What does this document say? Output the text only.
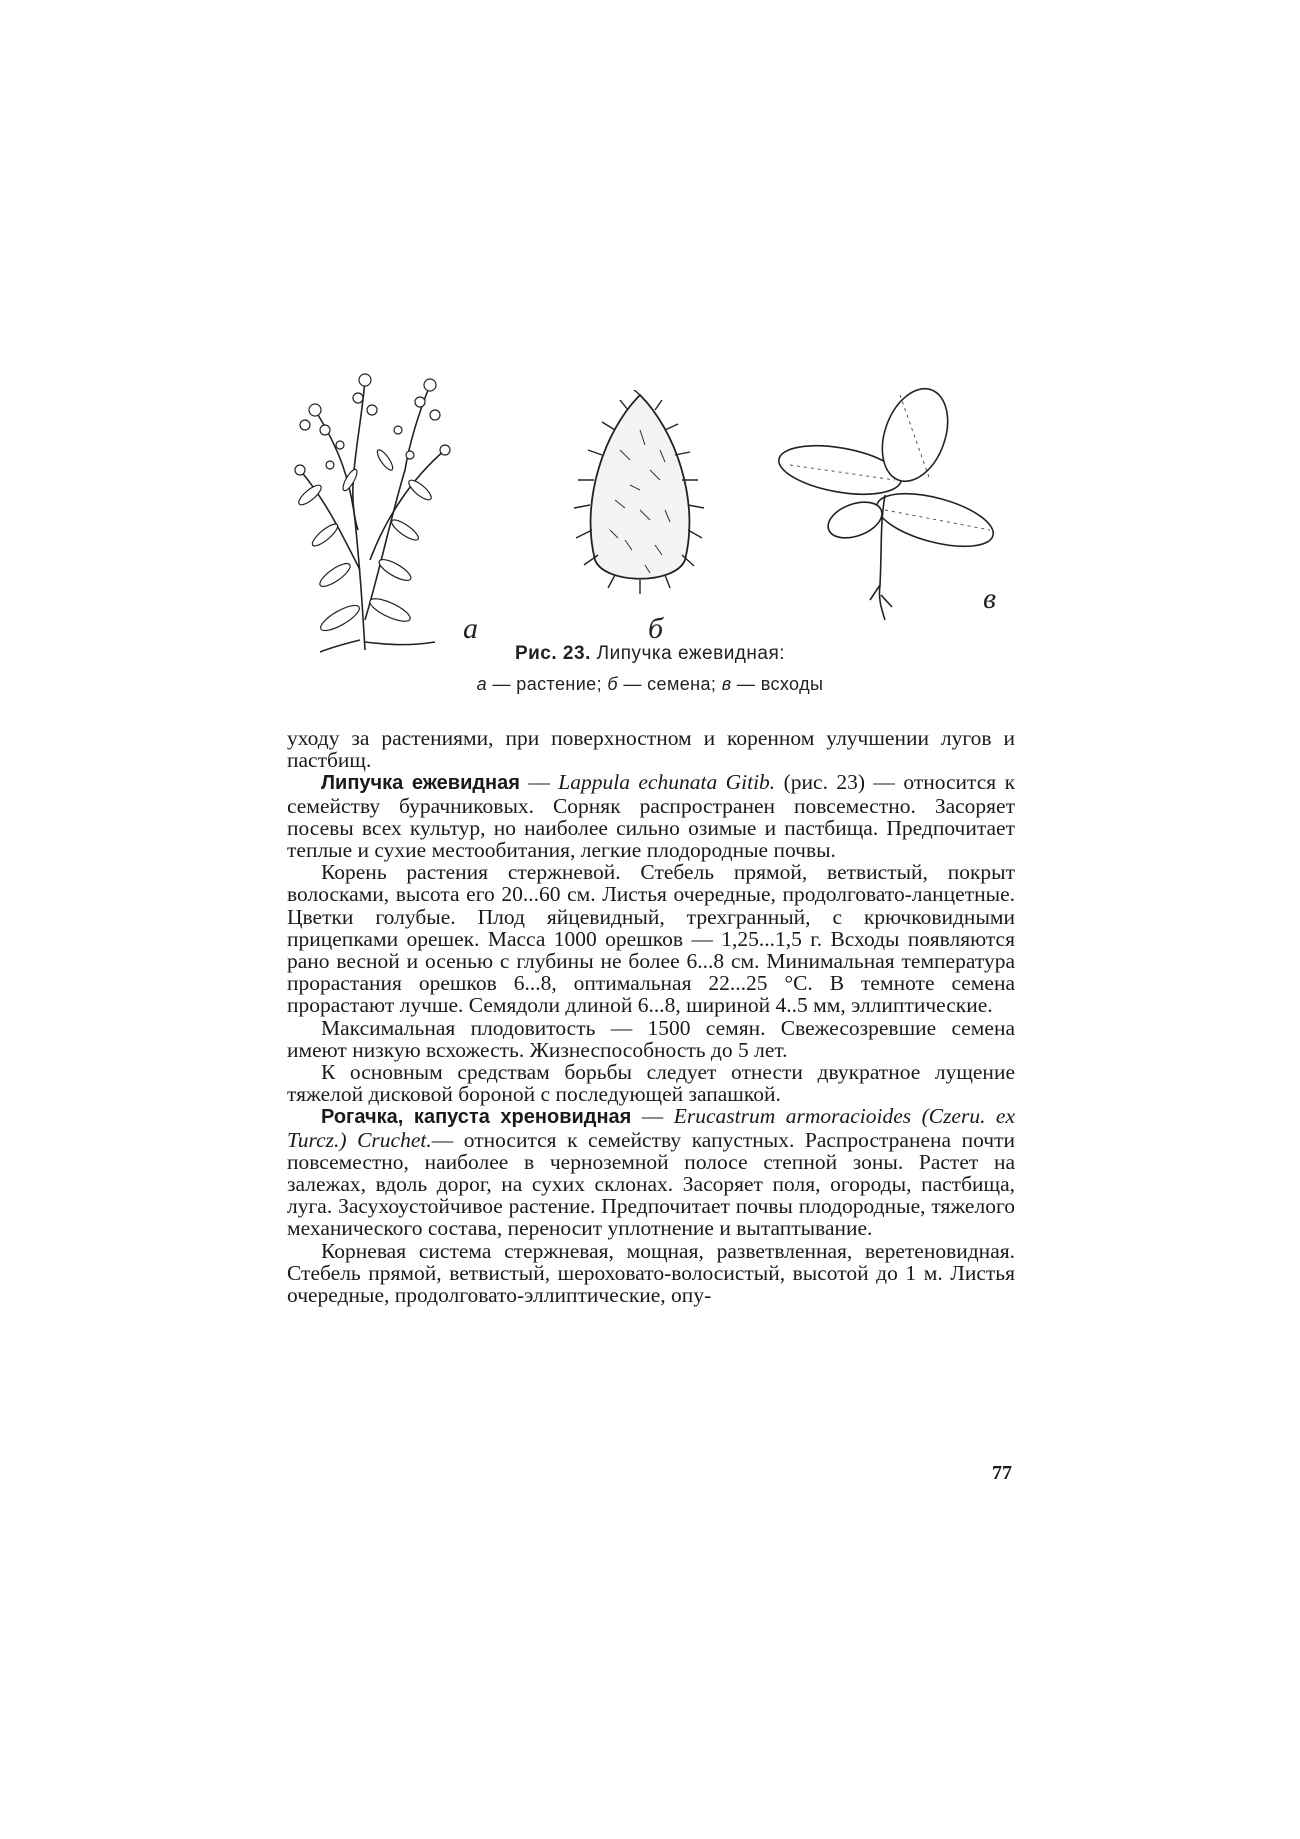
а	б
в
Рис. 23. Липучка ежевидная:
а — растение; б — семена; в — всходы

уходу за растениями, при поверхностном и коренном улучшении лугов и пастбищ.

Липучка ежевидная — Lappula echunata Gitib. (рис. 23) — относится к семейству бурачниковых. Сорняк распространен повсеместно. Засоряет посевы всех культур, но наиболее сильно озимые и пастбища. Предпочитает теплые и сухие местообитания, легкие плодородные почвы.

Корень растения стержневой. Стебель прямой, ветвистый, покрыт волосками, высота его 20...60 см. Листья очередные, продолговато-ланцетные. Цветки голубые. Плод яйцевидный, трехгранный, с крючковидными прицепками орешек. Масса 1000 орешков — 1,25...1,5 г. Всходы появляются рано весной и осенью с глубины не более 6...8 см. Минимальная температура прорастания орешков 6...8, оптимальная 22...25 °С. В темноте семена прорастают лучше. Семядоли длиной 6...8, шириной 4..5 мм, эллиптические.

Максимальная плодовитость — 1500 семян. Свежесозревшие семена имеют низкую всхожесть. Жизнеспособность до 5 лет.

К основным средствам борьбы следует отнести двукратное лущение тяжелой дисковой бороной с последующей запашкой.

Рогачка, капуста хреновидная — Erucastrum armoracioides (Czeru. ex Turcz.) Cruchet.— относится к семейству капустных. Распространена почти повсеместно, наиболее в черноземной полосе степной зоны. Растет на залежах, вдоль дорог, на сухих склонах. Засоряет поля, огороды, пастбища, луга. Засухоустойчивое растение. Предпочитает почвы плодородные, тяжелого механического состава, переносит уплотнение и вытаптывание.

Корневая система стержневая, мощная, разветвленная, веретеновидная. Стебель прямой, ветвистый, шероховато-волосистый, высотой до 1 м. Листья очередные, продолговато-эллиптические, опу-

77
